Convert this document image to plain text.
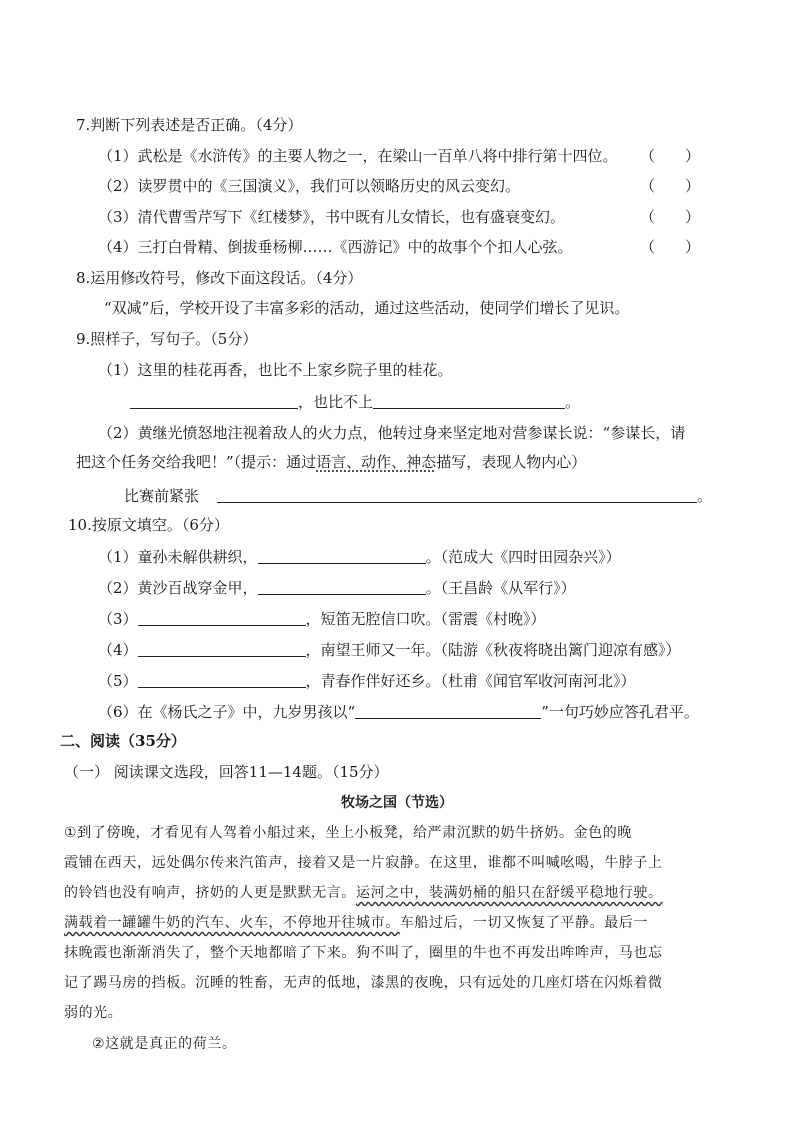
7.判断下列表述是否正确。（4分）
（1）武松是《水浒传》的主要人物之一，在梁山一百单八将中排行第十四位。 （　　）
（2）读罗贯中的《三国演义》，我们可以领略历史的风云变幻。	（　　）
（3）清代曹雪芹写下《红楼梦》，书中既有儿女情长，也有盛衰变幻。	（　　）
（4）三打白骨精、倒拔垂杨柳……《西游记》中的故事个个扣人心弦。	（　　）
8.运用修改符号，修改下面这段话。（4分）
“双减”后，学校开设了丰富多彩的活动，通过这些活动，使同学们增长了见识。
9.照样子，写句子。（5分）
（1）这里的桂花再香，也比不上家乡院子里的桂花。
，也比不上	。
（2）黄继光愤怒地注视着敌人的火力点，他转过身来坚定地对营参谋长说：“参谋长，请
把这个任务交给我吧！”（提示：通过语言、动作、神态描写，表现人物内心）
比赛前紧张	。
10.按原文填空。（6分）
（1）童孙未解供耕织，	。（范成大《四时田园杂兴》）
（2）黄沙百战穿金甲，	。（王昌龄《从军行》）
（3）	，短笛无腔信口吹。（雷震《村晚》）
（4）	，南望王师又一年。（陆游《秋夜将晓出篱门迎凉有感》）
（5）	，青春作伴好还乡。（杜甫《闻官军收河南河北》）
（6）在《杨氏之子》中，九岁男孩以“	”一句巧妙应答孔君平。
二、阅读（35分）
（一） 阅读课文选段，回答11—14题。（15分）
牧场之国（节选）
①到了傍晚，才看见有人驾着小船过来，坐上小板凳，给严肃沉默的奶牛挤奶。金色的晚
霞铺在西天，远处偶尔传来汽笛声，接着又是一片寂静。在这里，谁都不叫喊吆喝，牛脖子上
的铃铛也没有响声，挤奶的人更是默默无言。运河之中，装满奶桶的船只在舒缓平稳地行驶。
满载着一罐罐牛奶的汽车、火车，不停地开往城市。车船过后，一切又恢复了平静。最后一
抹晚霞也渐渐消失了，整个天地都暗了下来。狗不叫了，圈里的牛也不再发出哞哞声，马也忘
记了踢马房的挡板。沉睡的牲畜，无声的低地，漆黑的夜晚，只有远处的几座灯塔在闪烁着微
弱的光。
②这就是真正的荷兰。
